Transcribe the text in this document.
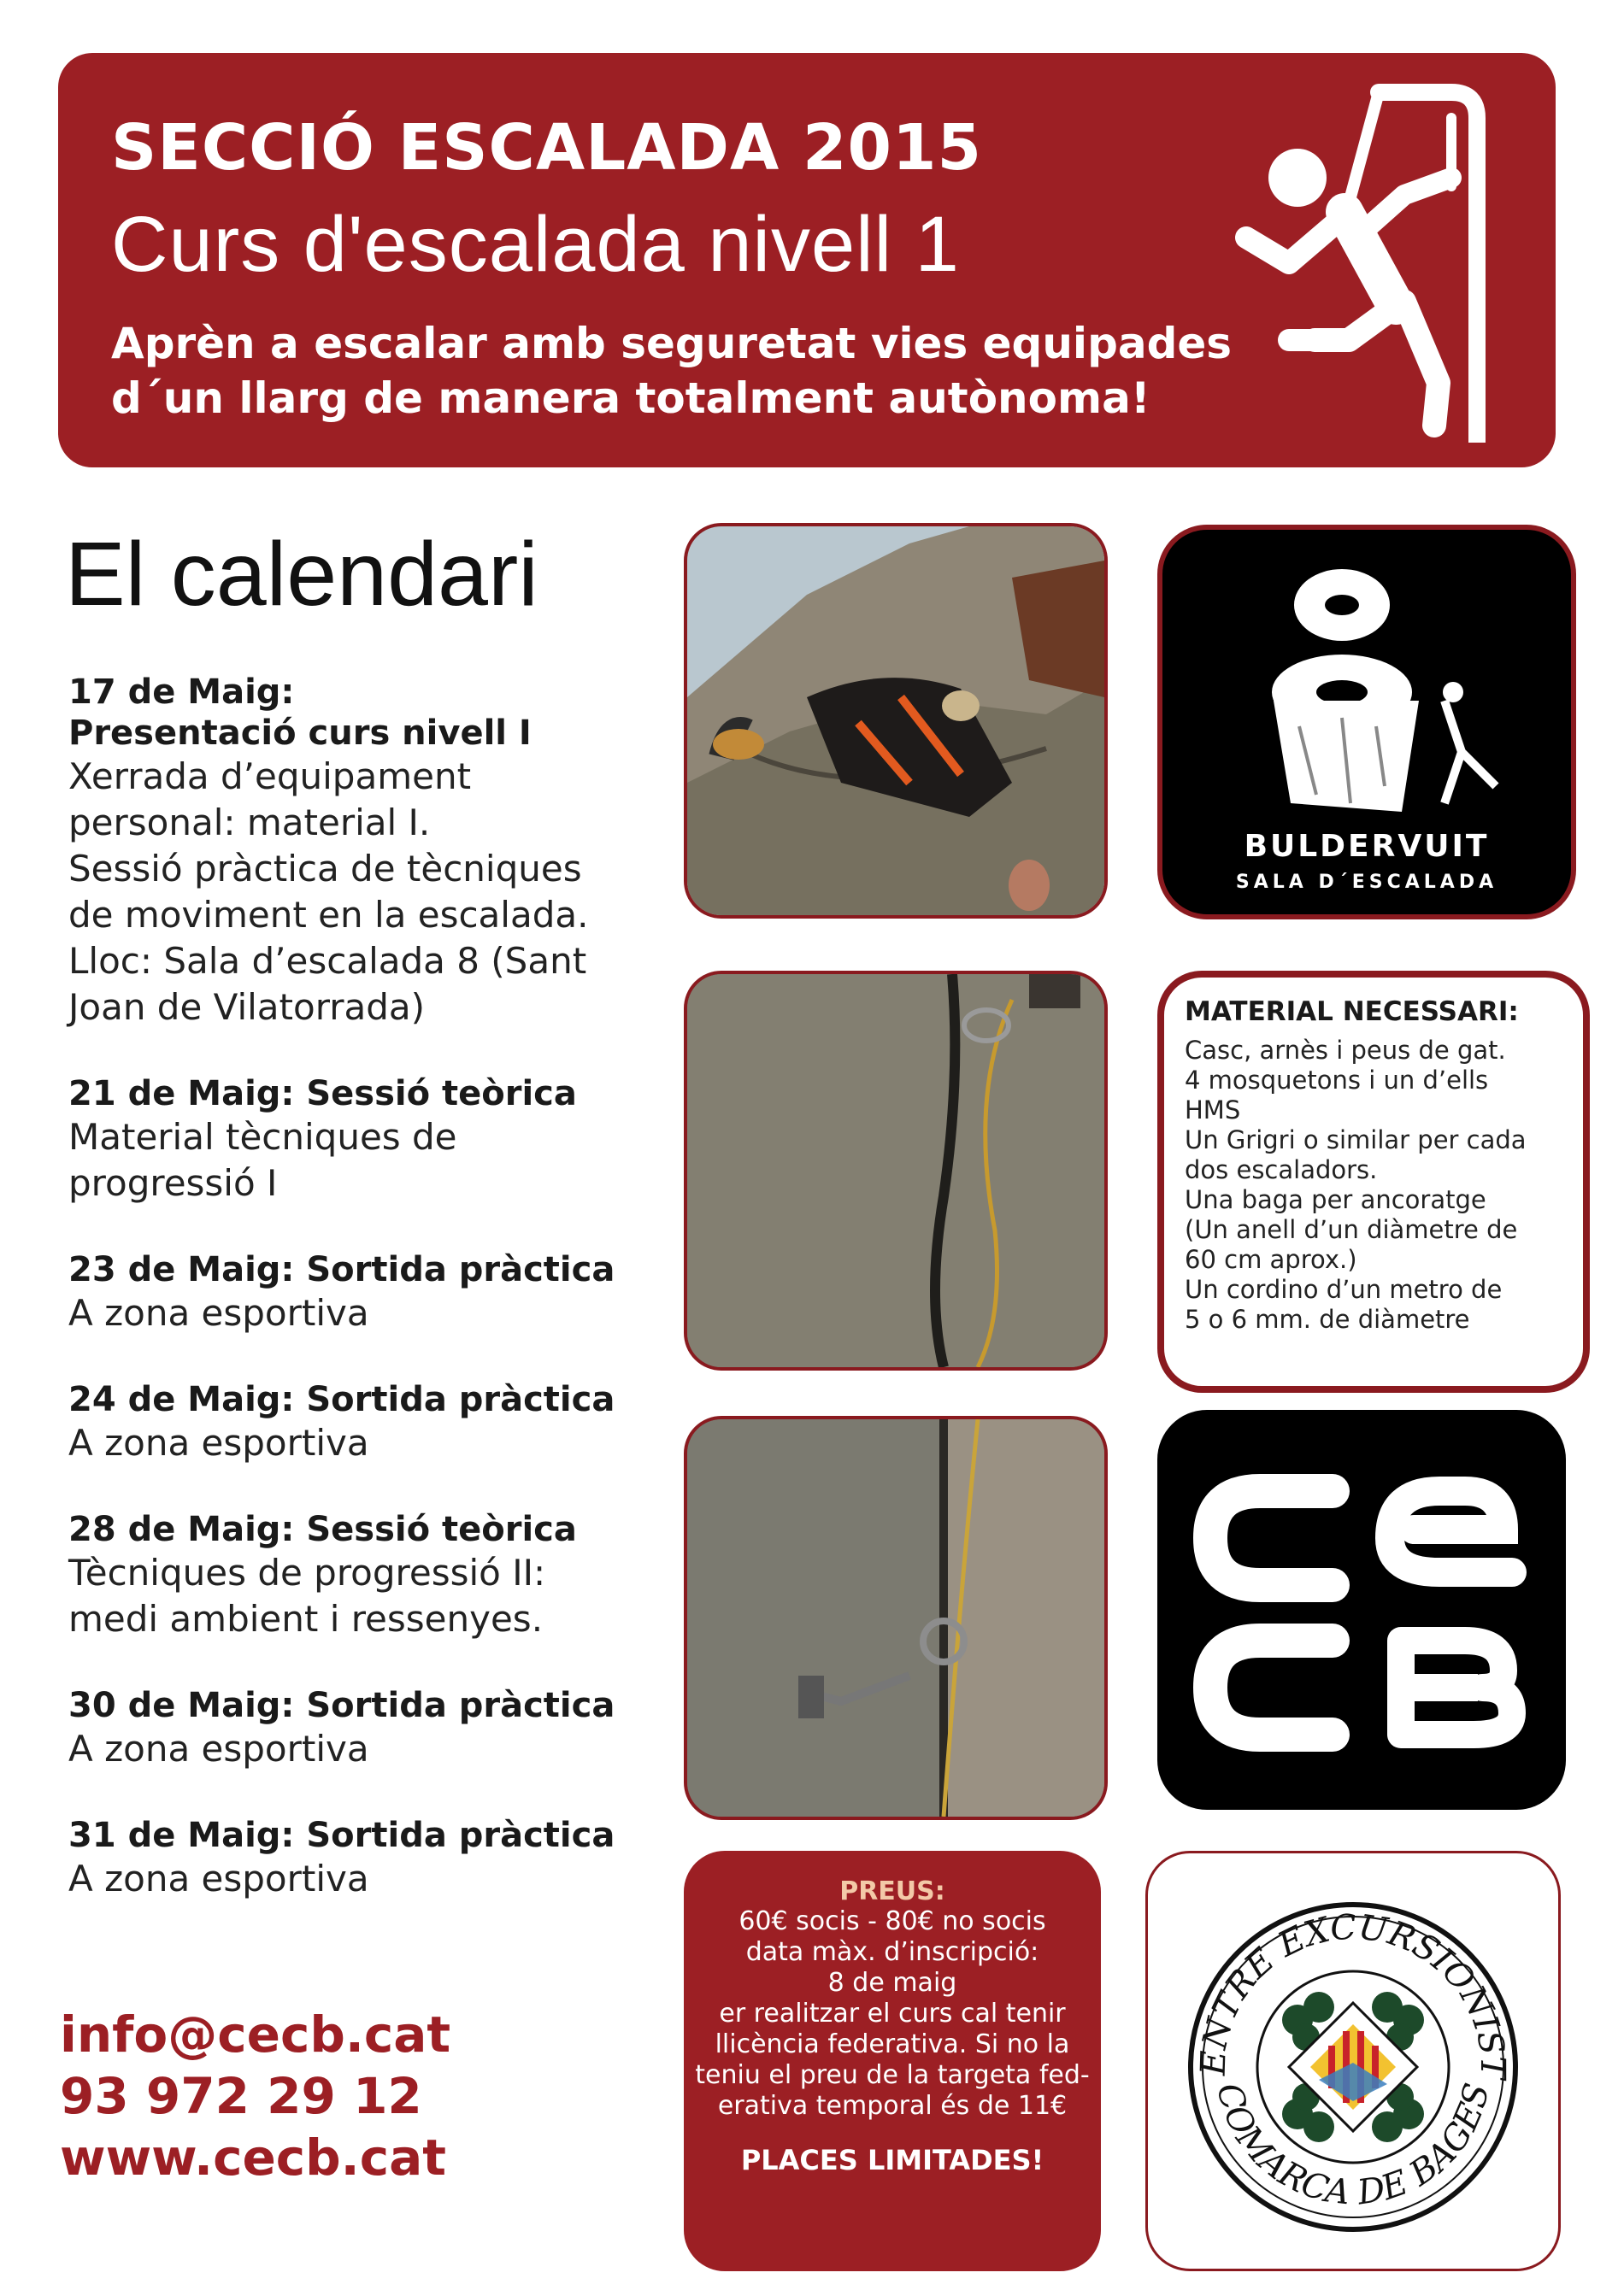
SECCIÓ ESCALADA 2015
Curs d'escalada nivell 1
Aprèn a escalar amb seguretat vies equipades
d´un llarg de manera totalment autònoma!
El calendari
17 de Maig:
Presentació curs nivell I
Xerrada d’equipament
personal: material I.
Sessió pràctica de tècniques
de moviment en la escalada.
Lloc: Sala d’escalada 8 (Sant
Joan de Vilatorrada)
21 de Maig: Sessió teòrica
Material tècniques de
progressió I
23 de Maig: Sortida pràctica
A zona esportiva
24 de Maig: Sortida pràctica
A zona esportiva
28 de Maig: Sessió teòrica
Tècniques de progressió II:
medi ambient i ressenyes.
30 de Maig: Sortida pràctica
A zona esportiva
31 de Maig: Sortida pràctica
A zona esportiva
info@cecb.cat
93 972 29 12
www.cecb.cat
BULDERVUIT
SALA D´ESCALADA
MATERIAL NECESSARI:
Casc, arnès i peus de gat.
4 mosquetons i un d’ells
HMS
Un Grigri o similar per cada
dos escaladors.
Una baga per ancoratge
(Un anell d’un diàmetre de
60 cm aprox.)
Un cordino d’un metro de
5 o 6 mm. de diàmetre
PREUS:
60€ socis - 80€ no socis
data màx. d’inscripció:
8 de maig
er realitzar el curs cal tenir
llicència federativa. Si no la
teniu el preu de la targeta fed-
erativa temporal és de 11€
PLACES LIMITADES!
ENTRE EXCURSIONIST
COMARCA DE BAGES
